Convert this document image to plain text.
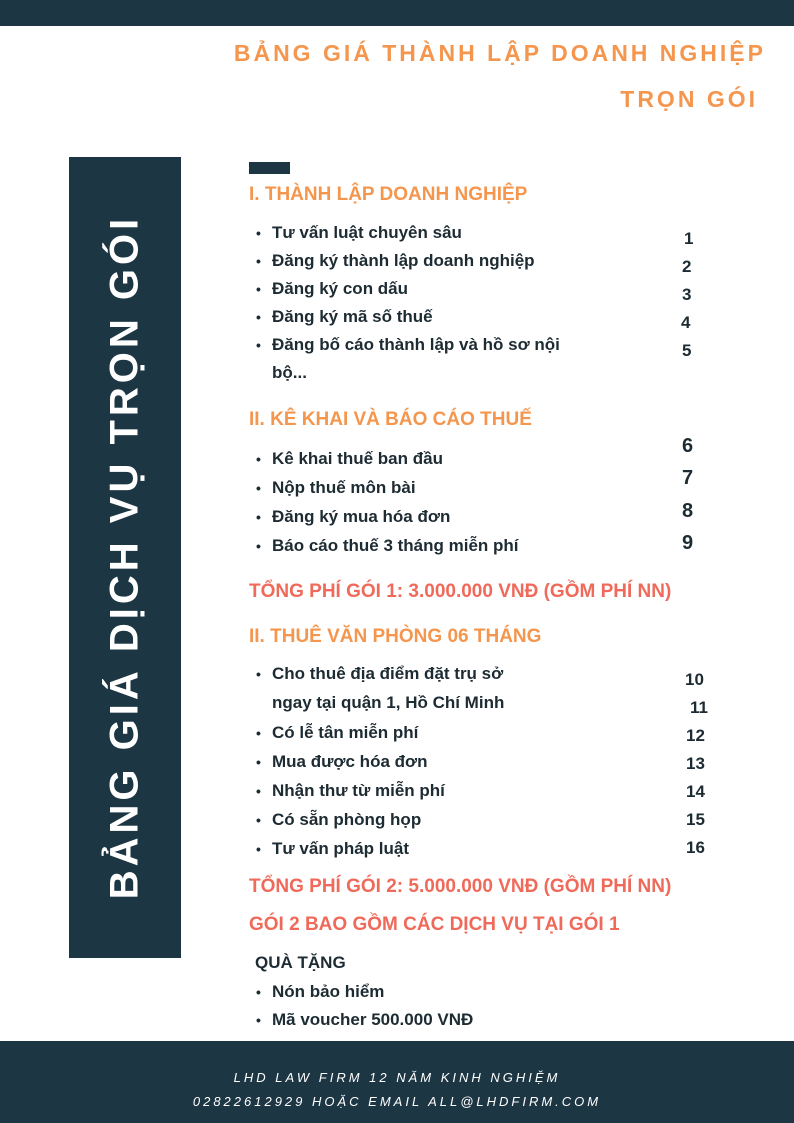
BẢNG GIÁ THÀNH LẬP DOANH NGHIỆP
TRỌN GÓI
BẢNG GIÁ DỊCH VỤ TRỌN GÓI
I. THÀNH LẬP DOANH NGHIỆP
• Tư vấn luật chuyên sâu
• Đăng ký thành lập doanh nghiệp
• Đăng ký con dấu
• Đăng ký mã số thuế
• Đăng bố cáo thành lập và hồ sơ nội
bộ...
1
2
3
4
5
II. KÊ KHAI VÀ BÁO CÁO THUẾ
• Kê khai thuế ban đầu
• Nộp thuế môn bài
• Đăng ký mua hóa đơn
• Báo cáo thuế 3 tháng miễn phí
6
7
8
9
TỔNG PHÍ GÓI 1: 3.000.000 VNĐ (GỒM PHÍ NN)
II. THUÊ VĂN PHÒNG 06 THÁNG
• Cho thuê địa điểm đặt trụ sở
ngay tại quận 1, Hồ Chí Minh
• Có lễ tân miễn phí
• Mua được hóa đơn
• Nhận thư từ miễn phí
• Có sẵn phòng họp
• Tư vấn pháp luật
10
11
12
13
14
15
16
TỔNG PHÍ GÓI 2: 5.000.000 VNĐ (GỒM PHÍ NN)
GÓI 2 BAO GỒM CÁC DỊCH VỤ TẠI GÓI 1
QUÀ TẶNG
• Nón bảo hiểm
• Mã voucher 500.000 VNĐ
LHD LAW FIRM 12 NĂM KINH NGHIỆM
02822612929 HOẶC EMAIL ALL@LHDFIRM.COM
